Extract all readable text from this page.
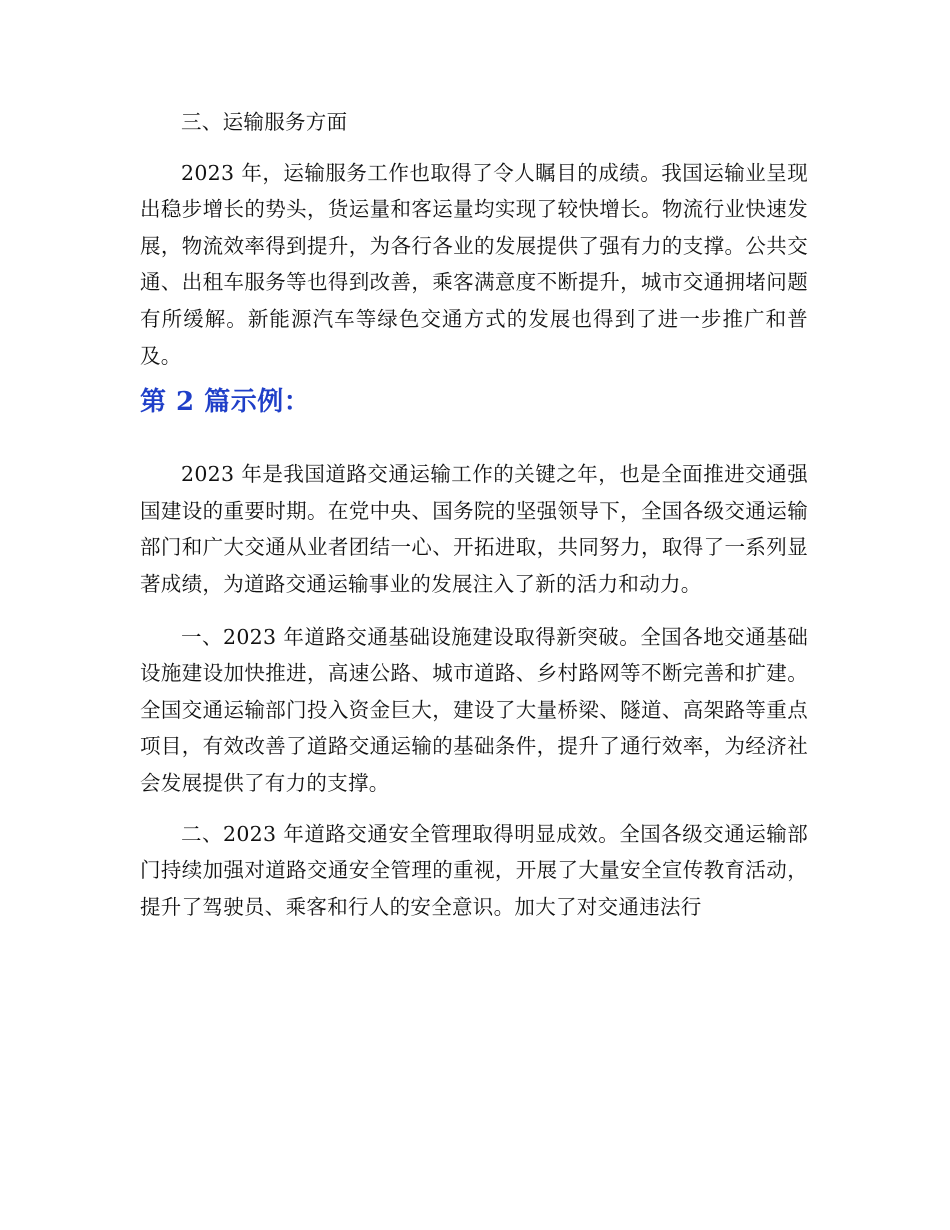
三、运输服务方面

2023 年，运输服务工作也取得了令人瞩目的成绩。我国运输业呈现出稳步增长的势头，货运量和客运量均实现了较快增长。物流行业快速发展，物流效率得到提升，为各行各业的发展提供了强有力的支撑。公共交通、出租车服务等也得到改善，乘客满意度不断提升，城市交通拥堵问题有所缓解。新能源汽车等绿色交通方式的发展也得到了进一步推广和普及。

第 2 篇示例：

2023 年是我国道路交通运输工作的关键之年，也是全面推进交通强国建设的重要时期。在党中央、国务院的坚强领导下，全国各级交通运输部门和广大交通从业者团结一心、开拓进取，共同努力，取得了一系列显著成绩，为道路交通运输事业的发展注入了新的活力和动力。

一、2023 年道路交通基础设施建设取得新突破。全国各地交通基础设施建设加快推进，高速公路、城市道路、乡村路网等不断完善和扩建。全国交通运输部门投入资金巨大，建设了大量桥梁、隧道、高架路等重点项目，有效改善了道路交通运输的基础条件，提升了通行效率，为经济社会发展提供了有力的支撑。

二、2023 年道路交通安全管理取得明显成效。全国各级交通运输部门持续加强对道路交通安全管理的重视，开展了大量安全宣传教育活动，提升了驾驶员、乘客和行人的安全意识。加大了对交通违法行
